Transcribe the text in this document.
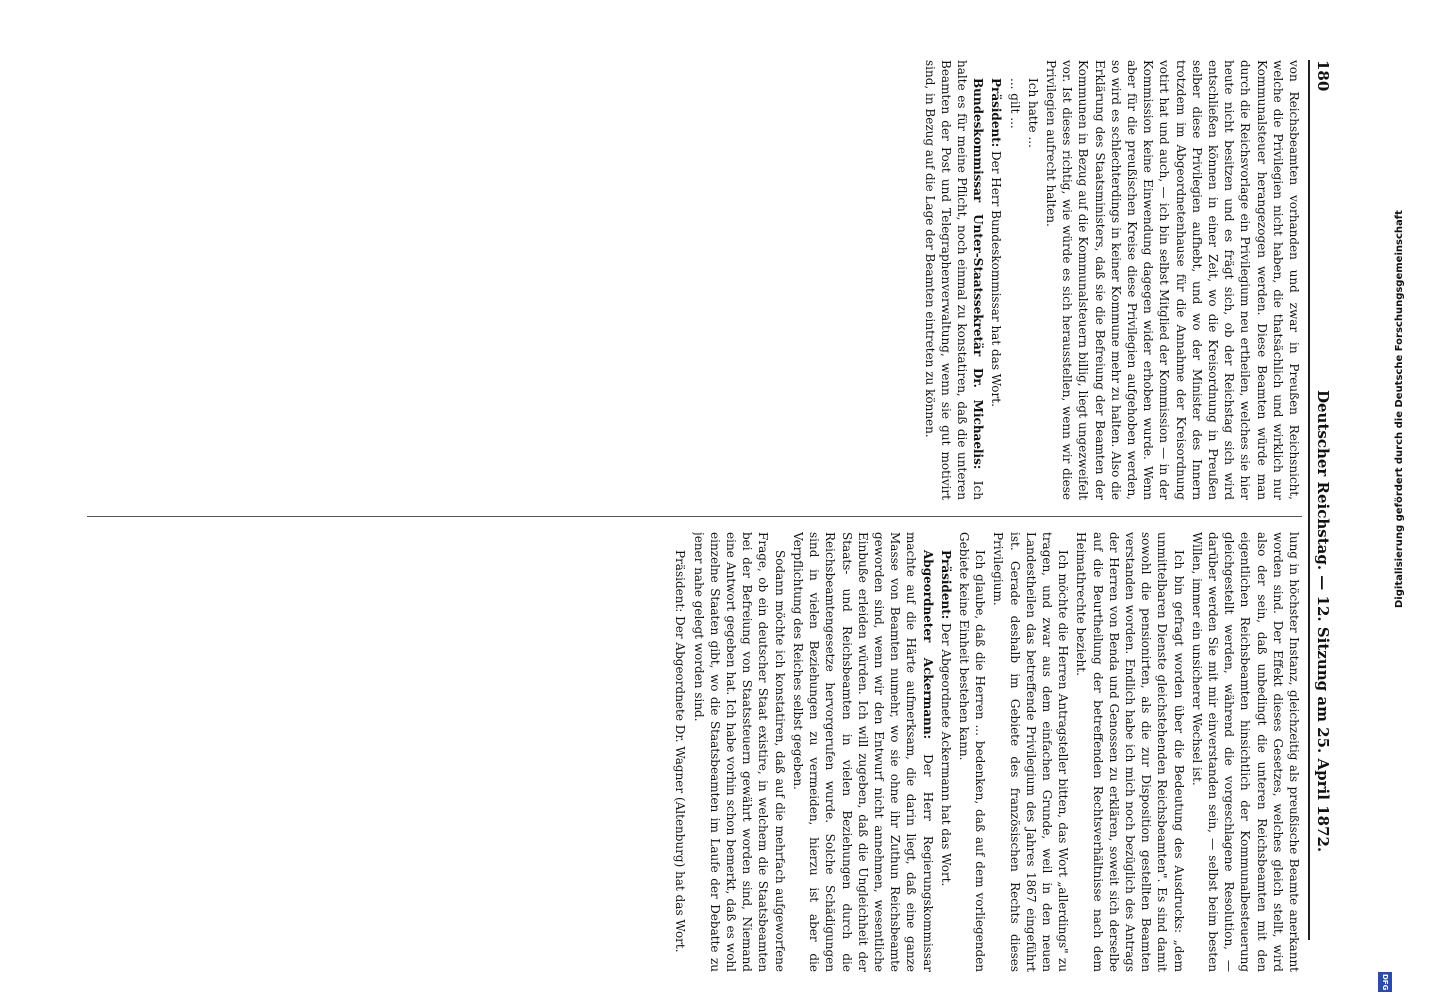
180
Deutscher Reichstag. — 12. Sitzung am 25. April 1872.

von Reichsbeamten vorhanden und zwar in Preußen Reichsnicht, welche die Privilegien nicht haben, die thatsächlich und wirklich nur Kommunalsteuer herangezogen werden. Diese Beamten würde man durch die Reichsvorlage ein Privilegium neu ertheilen, welches sie hier heute nicht besitzen und es frägt sich, ob der Reichstag sich wird entschließen können in einer Zeit, wo die Kreisordnung in Preußen selber diese Privilegien aufhebt, und wo der Minister des Innern trotzdem im Abgeordnetenhause für die Annahme der Kreisordnung votirt hat und auch, — ich bin selbst Mitglied der Kommission — in der Kommission keine Einwendung dagegen wider erhoben wurde. Wenn aber für die preußischen Kreise diese Privilegien aufgehoben werden, so wird es schlechterdings in keiner Kommune mehr zu halten. Also die Erklärung des Staatsministers, daß sie die Befreiung der Beamten der Kommunen in Bezug auf die Kommunalsteuern billig, liegt ungezweifelt vor. Ist dieses richtig, wie würde es sich herausstellen, wenn wir diese Privilegien aufrecht halten.

Ich hatte ...

... gilt ...

Präsident: Der Herr Bundeskommissar hat das Wort.

Bundeskommissar Unter-Staatssekretär Dr. Michaelis: Ich halte es für meine Pflicht, noch einmal zu konstatiren, daß die unteren Beamten der Post und Telegraphenverwaltung, wenn sie gut motivirt sind, in Bezug auf die Lage der Beamten eintreten zu können.

lung in höchster Instanz, gleichzeitig als preußische Beamte anerkannt worden sind. Der Effekt dieses Gesetzes, welches gleich stellt, wird also der sein, daß unbedingt die unteren Reichsbeamten mit den eigentlichen Reichsbeamten hinsichtlich der Kommunalbesteuerung gleichgestellt werden, während die vorgeschlagene Resolution, — darüber werden Sie mit mir einverstanden sein, — selbst beim besten Willen, immer ein unsicherer Wechsel ist.

Ich bin gefragt worden über die Bedeutung des Ausdrucks: „dem unmittelbaren Dienste gleichstehenden Reichsbeamten". Es sind damit sowohl die pensionirten, als die zur Disposition gestellten Beamten verstanden worden. Endlich habe ich mich noch bezüglich des Antrags der Herren von Benda und Genossen zu erklären, soweit sich derselbe auf die Beurtheilung der betreffenden Rechtsverhältnisse nach dem Heimathrechte bezieht.

Ich möchte die Herren Antragsteller bitten, das Wort „allerdings" zu tragen, und zwar aus dem einfachen Grunde, weil in den neuen Landestheilen das betreffende Privilegium des Jahres 1867 eingeführt ist. Gerade deshalb im Gebiete des französischen Rechts dieses Privilegium.

Ich glaube, daß die Herren ... bedenken, daß auf dem vorliegenden Gebiete keine Einheit bestehen kann.

Präsident: Der Abgeordnete Ackermann hat das Wort.

Abgeordneter Ackermann: Der Herr Regierungskommissar machte auf die Härte aufmerksam, die darin liegt, daß eine ganze Masse von Beamten numehr, wo sie ohne ihr Zuthun Reichsbeamte geworden sind, wenn wir den Entwurf nicht annehmen, wesentliche Einbuße erleiden würden. Ich will zugeben, daß die Ungleichheit der Staats- und Reichsbeamten in vielen Beziehungen durch die Reichsbeamtengesetze hervorgerufen wurde. Solche Schädigungen sind in vielen Beziehungen zu vermeiden, hierzu ist aber die Verpflichtung des Reiches selbst gegeben.

Sodann möchte ich konstatiren, daß auf die mehrfach aufgeworfene Frage, ob ein deutscher Staat existire, in welchem die Staatsbeamten bei der Befreiung von Staatssteuern gewährt worden sind, Niemand eine Antwort gegeben hat. Ich habe vorhin schon bemerkt, daß es wohl einzelne Staaten gibt, wo die Staatsbeamten im Laufe der Debatte zu jener nahe gelegt worden sind.

Präsident: Der Abgeordnete Dr. Wagner (Altenburg) hat das Wort.

Digitalisierung gefördert durch die Deutsche Forschungsgemeinschaft
DFG
